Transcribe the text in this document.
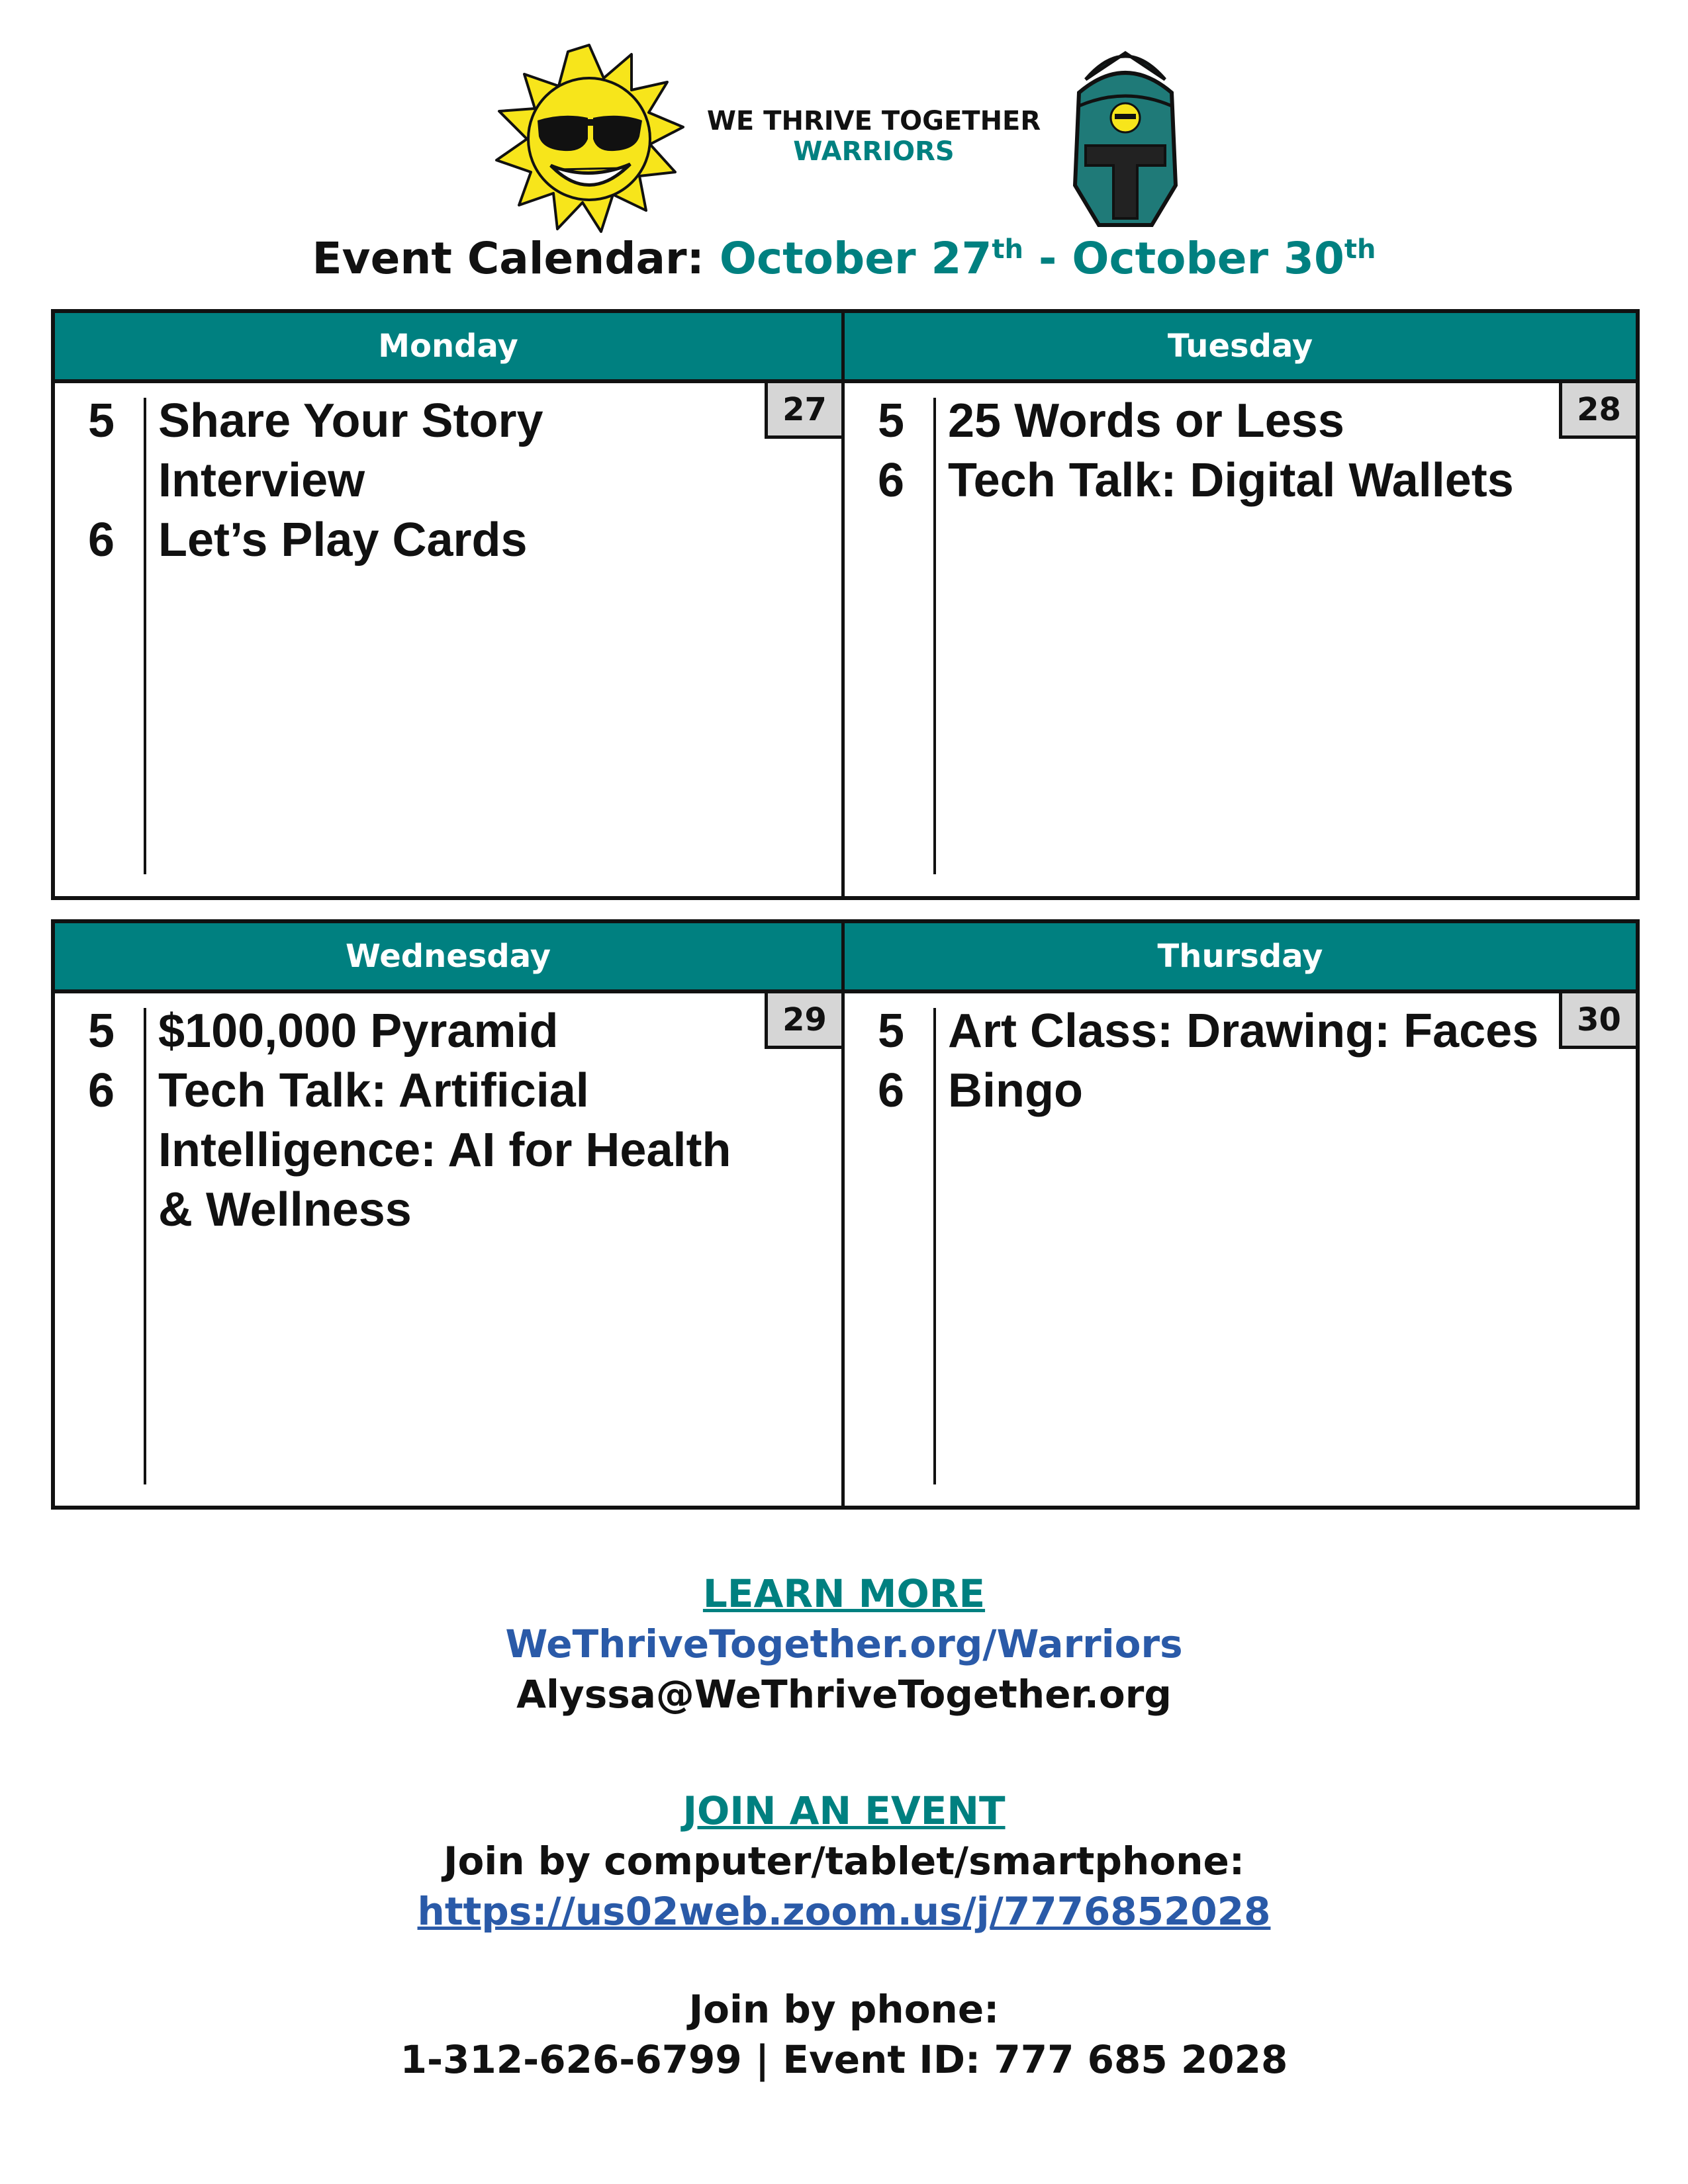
WE THRIVE TOGETHER
WARRIORS
Event Calendar: October 27th - October 30th
Monday
27
5 Share Your Story Interview
6 Let’s Play Cards
Tuesday
28
5 25 Words or Less
6 Tech Talk: Digital Wallets
Wednesday
29
5 $100,000 Pyramid
6 Tech Talk: Artificial Intelligence: AI for Health & Wellness
Thursday
30
5 Art Class: Drawing: Faces
6 Bingo
LEARN MORE
WeThriveTogether.org/Warriors
Alyssa@WeThriveTogether.org
JOIN AN EVENT
Join by computer/tablet/smartphone:
https://us02web.zoom.us/j/7776852028
Join by phone:
1-312-626-6799 | Event ID: 777 685 2028
